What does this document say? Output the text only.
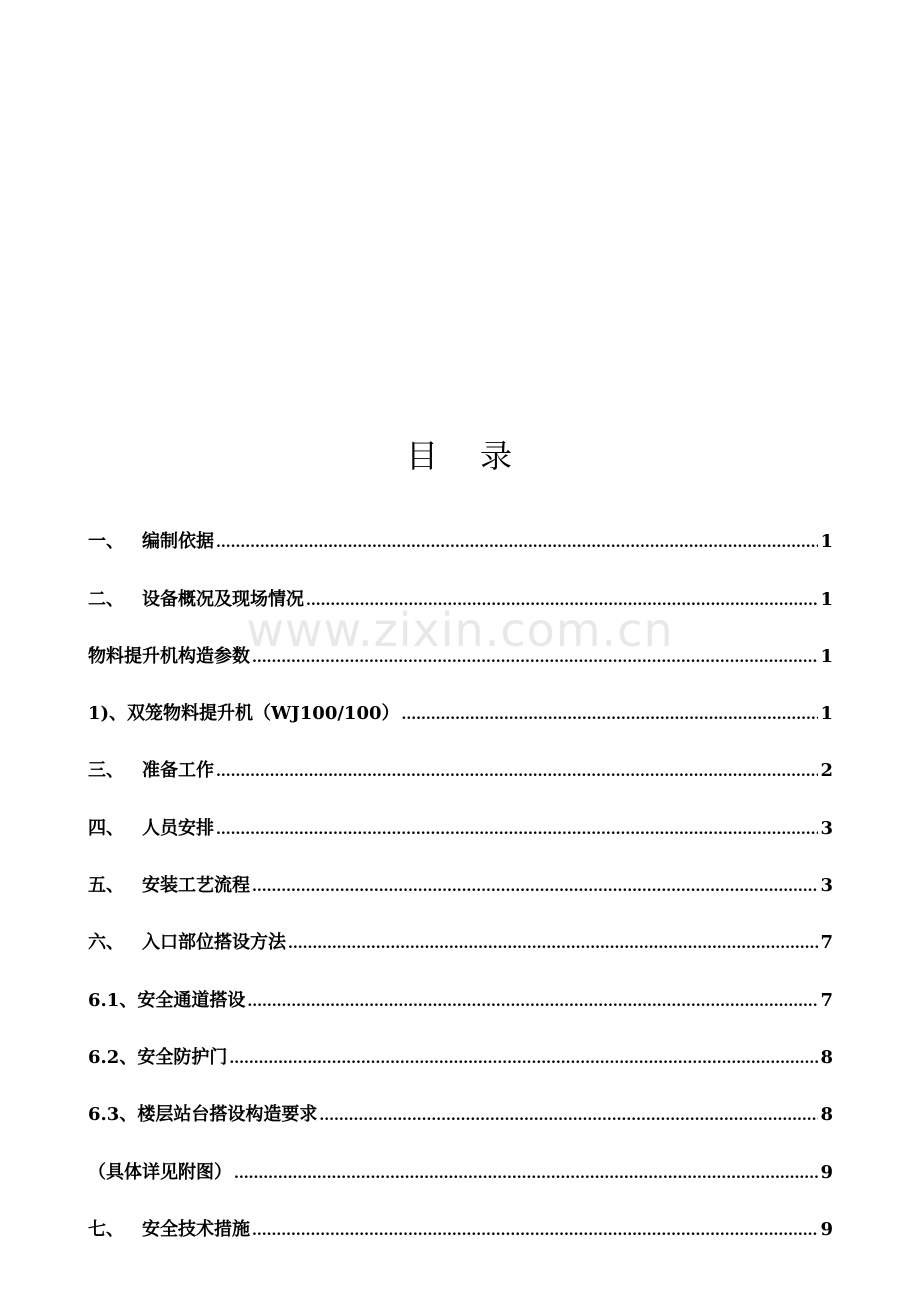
目 录
www.zixin.com.cn
一、 编制依据 .....	1
二、 设备概况及现场情况 .....	1
物料提升机构造参数 .....	1
1)、双笼物料提升机（WJ100/100） .....	1
三、 准备工作 .....	2
四、 人员安排 .....	3
五、 安装工艺流程 .....	3
六、 入口部位搭设方法 .....	7
6.1、安全通道搭设 .....	7
6.2、安全防护门 .....	8
6.3、楼层站台搭设构造要求 .....	8
（具体详见附图） .....	9
七、 安全技术措施 .....	9
